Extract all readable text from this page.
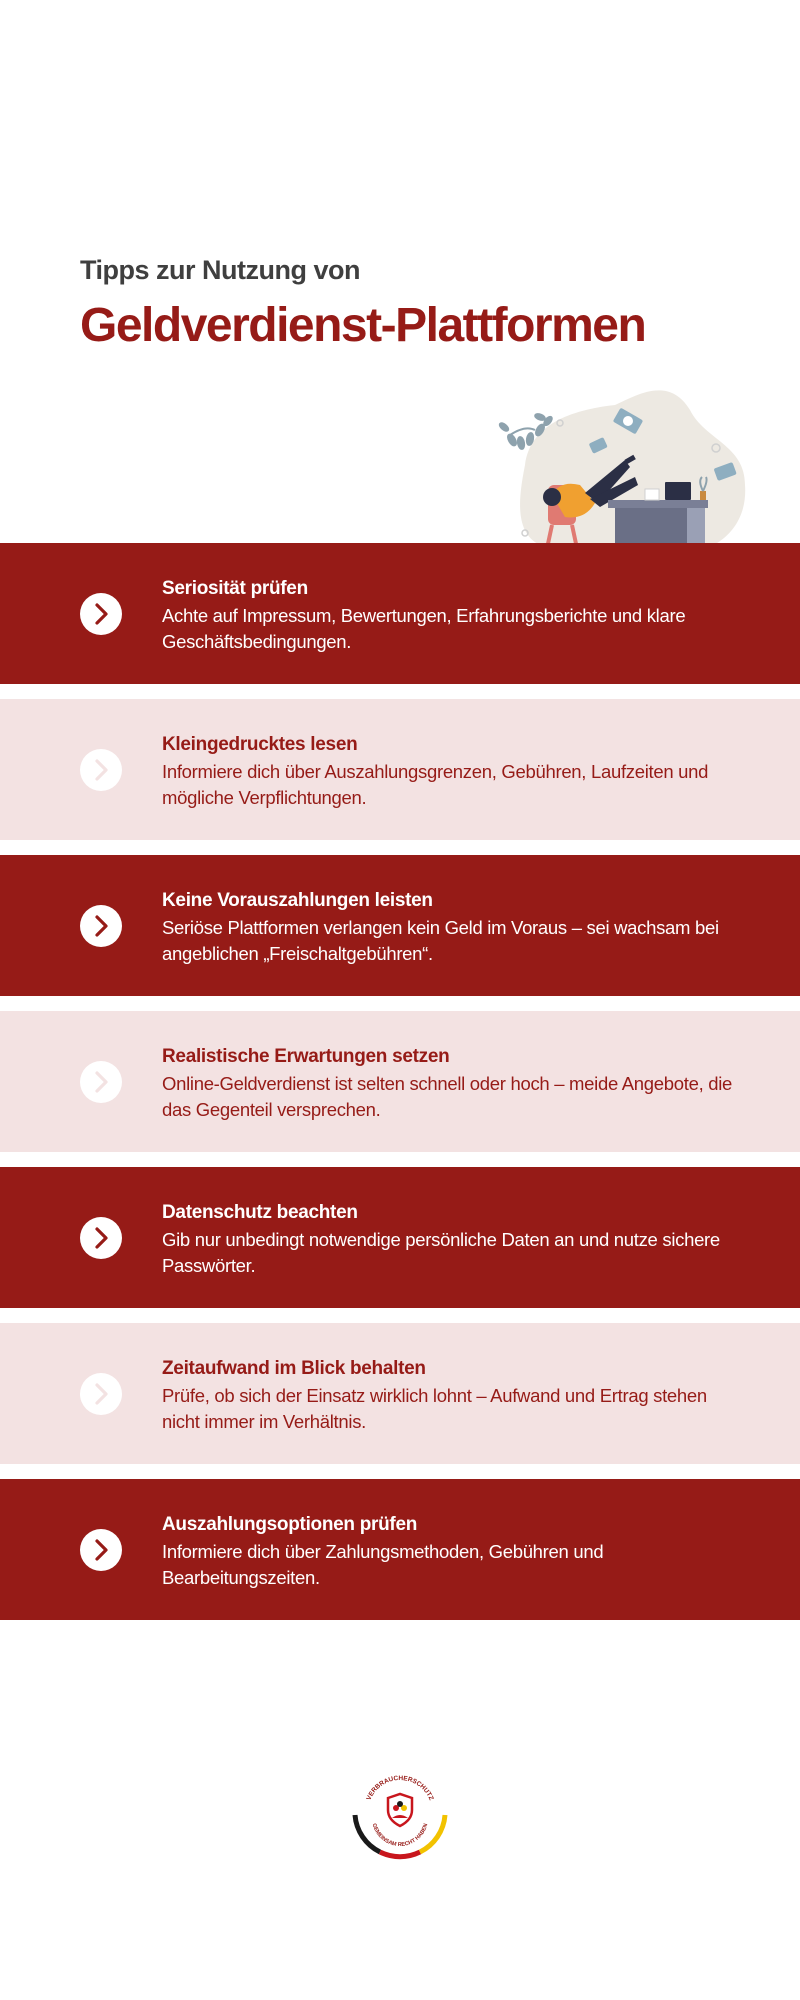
Tipps zur Nutzung von

Geldverdienst-Plattformen

Seriosität prüfen

Achte auf Impressum, Bewertungen, Erfahrungsberichte und klare Geschäftsbedingungen.

Kleingedrucktes lesen

Informiere dich über Auszahlungsgrenzen, Gebühren, Laufzeiten und mögliche Verpflichtungen.

Keine Vorauszahlungen leisten

Seriöse Plattformen verlangen kein Geld im Voraus – sei wachsam bei angeblichen „Freischaltgebühren“.

Realistische Erwartungen setzen

Online-Geldverdienst ist selten schnell oder hoch – meide Angebote, die das Gegenteil versprechen.

Datenschutz beachten

Gib nur unbedingt notwendige persönliche Daten an und nutze sichere Passwörter.

Zeitaufwand im Blick behalten

Prüfe, ob sich der Einsatz wirklich lohnt – Aufwand und Ertrag stehen nicht immer im Verhältnis.

Auszahlungsoptionen prüfen

Informiere dich über Zahlungsmethoden, Gebühren und Bearbeitungszeiten.

VERBRAUCHERSCHUTZ
GEMEINSAM RECHT HABEN
